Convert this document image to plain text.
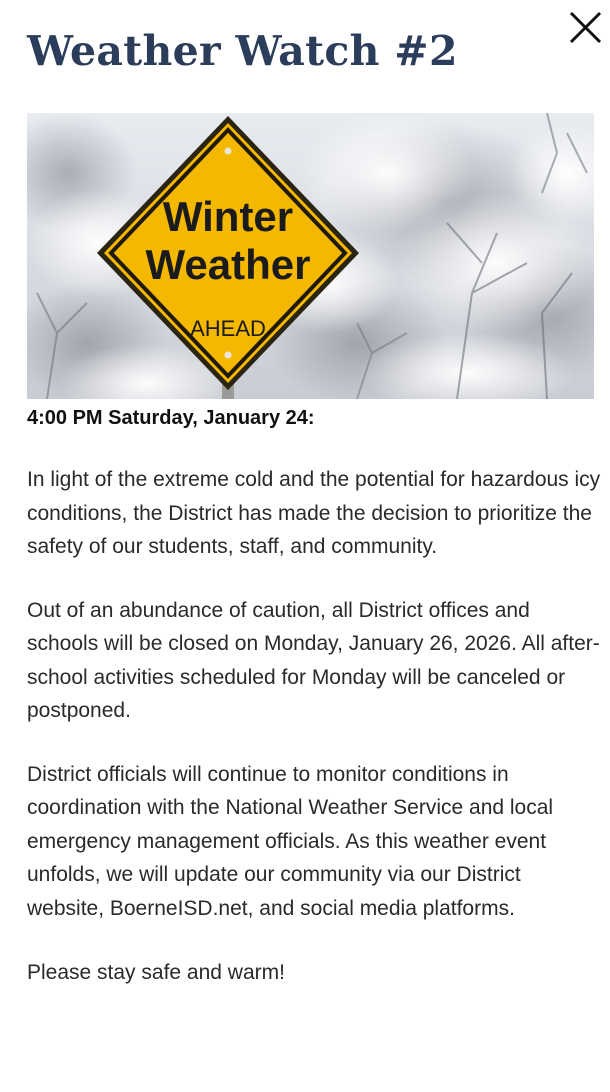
Weather Watch #2
Winter
Weather
AHEAD

4:00 PM Saturday, January 24:

In light of the extreme cold and the potential for hazardous icy conditions, the District has made the decision to prioritize the safety of our students, staff, and community.

Out of an abundance of caution, all District offices and schools will be closed on Monday, January 26, 2026. All after-school activities scheduled for Monday will be canceled or postponed.

District officials will continue to monitor conditions in coordination with the National Weather Service and local emergency management officials. As this weather event unfolds, we will update our community via our District website, BoerneISD.net, and social media platforms.

Please stay safe and warm!
